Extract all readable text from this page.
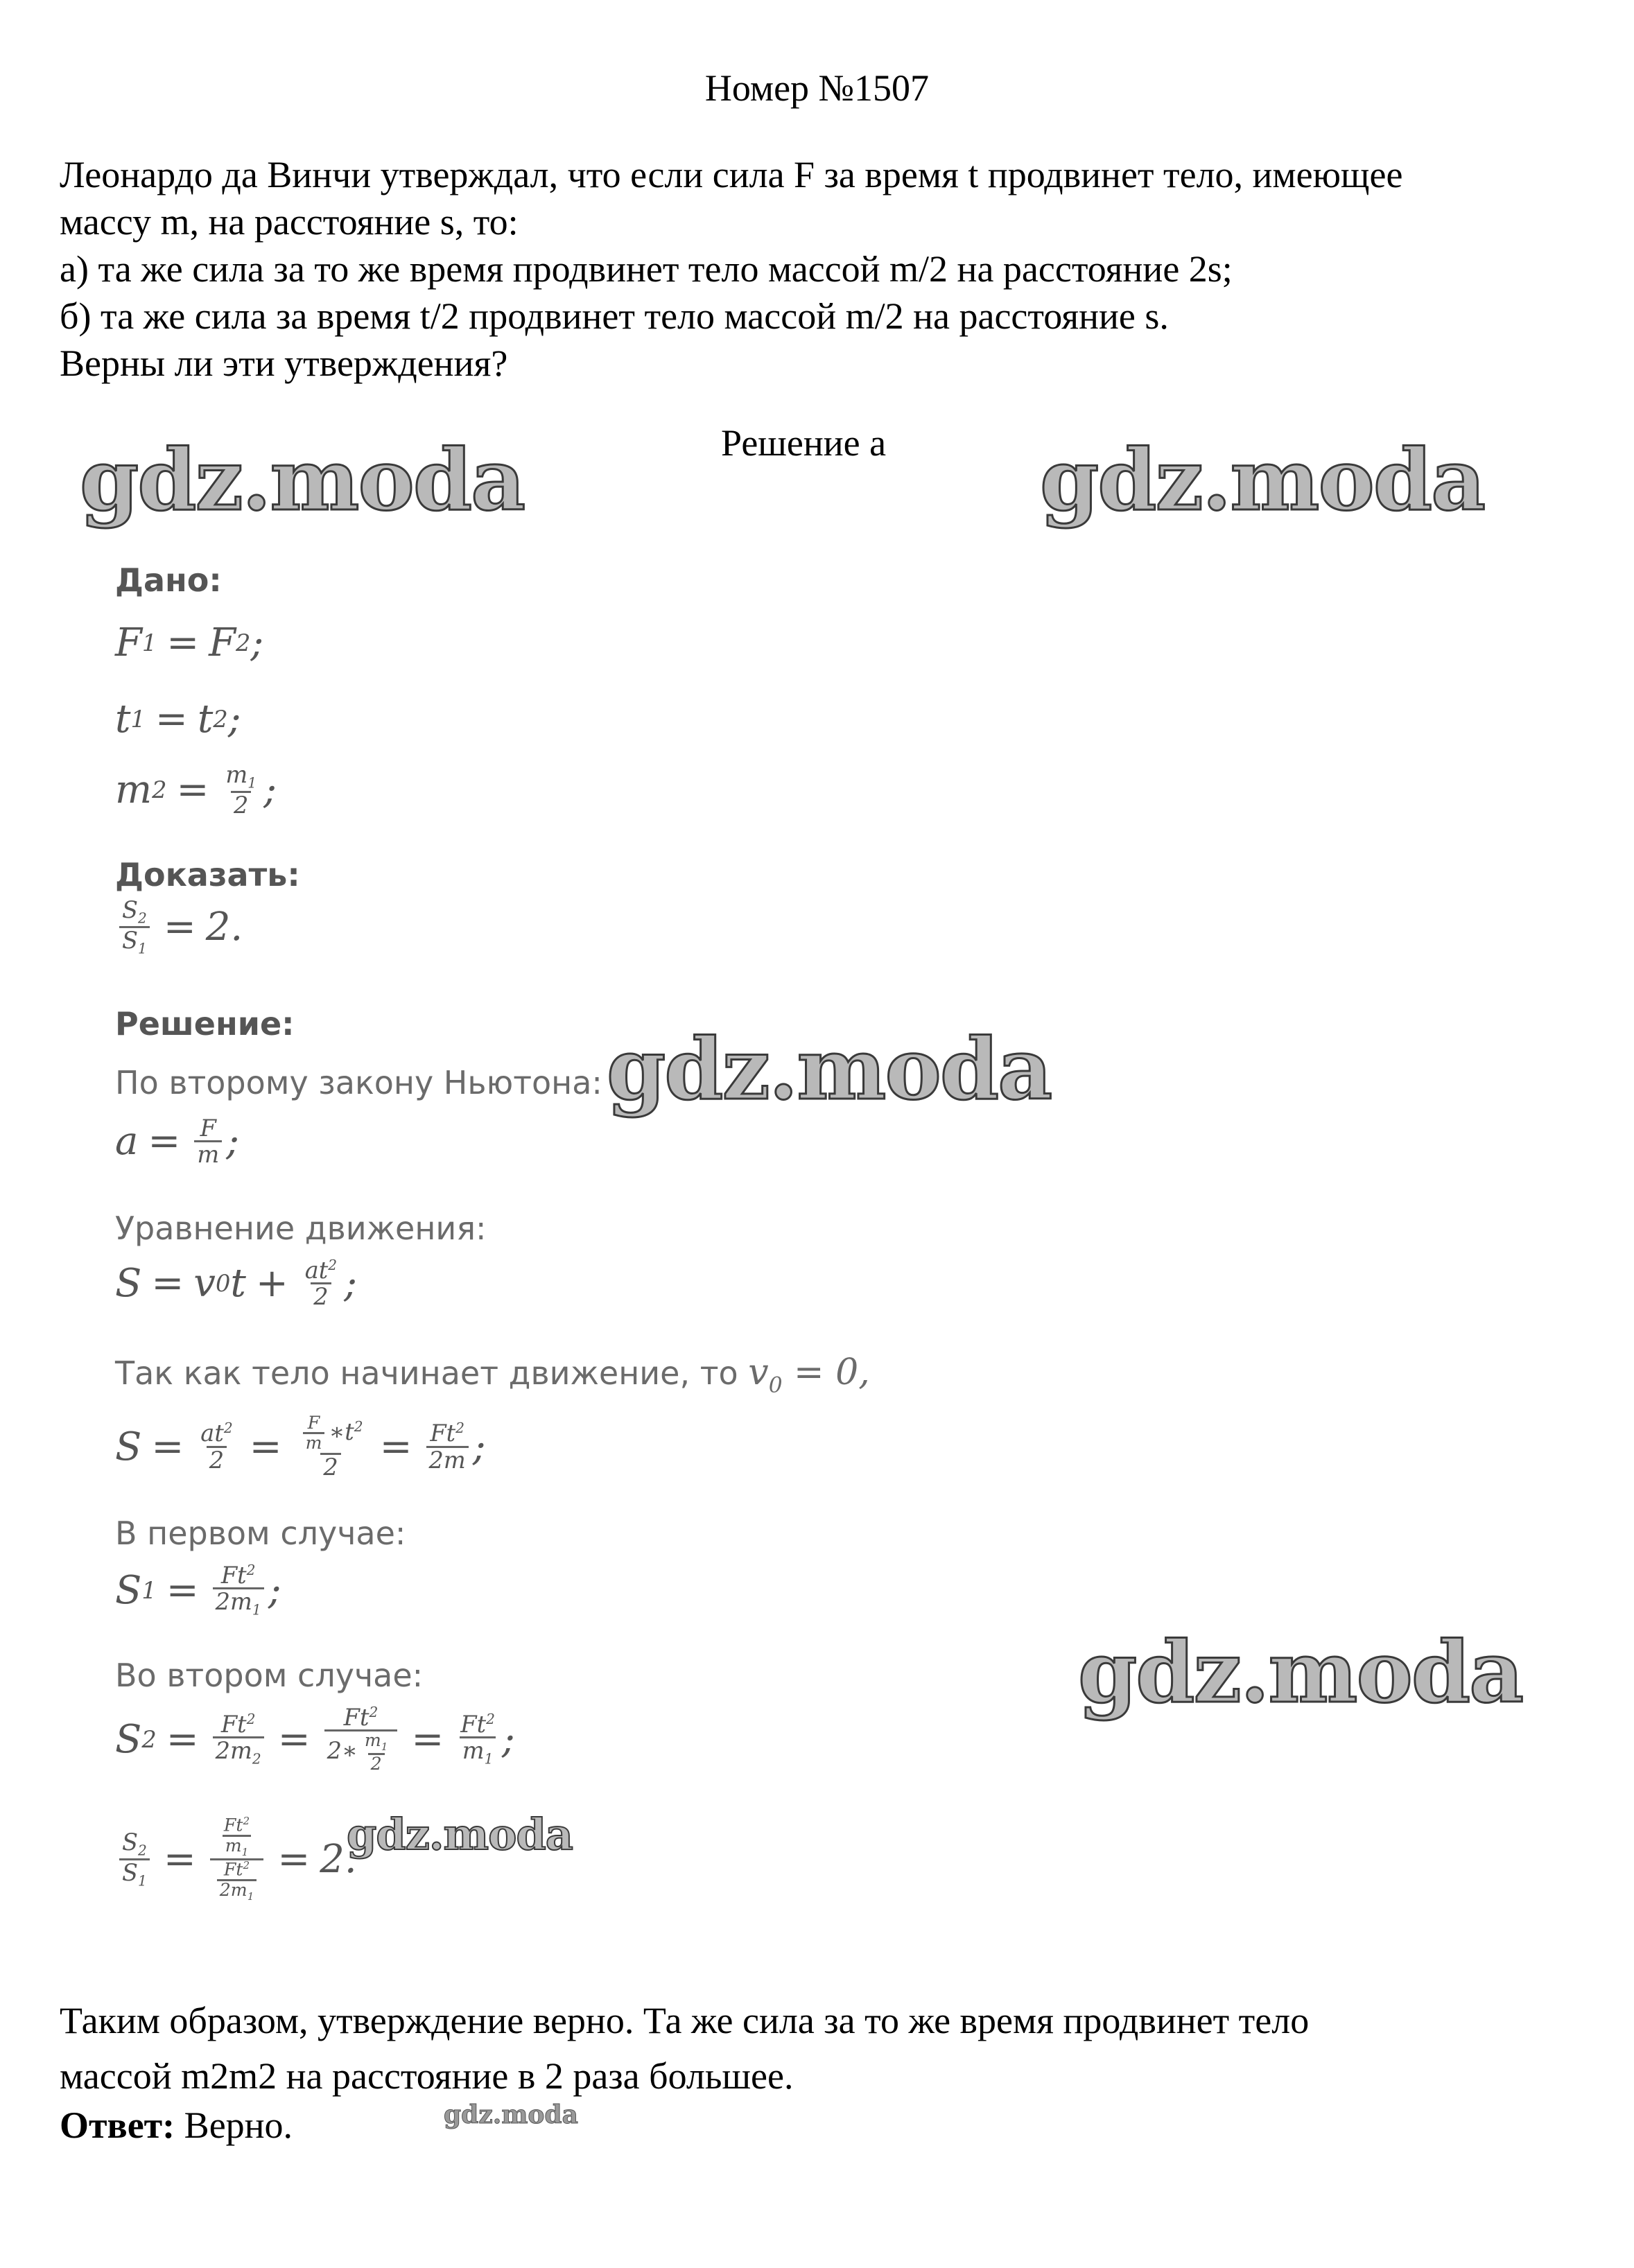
Номер №1507
Леонардо да Винчи утверждал, что если сила F за время t продвинет тело, имеющее
массу m, на расстояние s, то:
а) та же сила за то же время продвинет тело массой m/2 на расстояние 2s;
б) та же сила за время t/2 продвинет тело массой m/2 на расстояние s.
Верны ли эти утверждения?
Решение а
gdz.moda	gdz.moda
gdz.moda
gdz.moda
gdz.moda
gdz.moda
Дано:
F 1 = F 2 ;
t 1 = t 2 ;
m $2 = \frac{m_1}{2}$ ;
Доказать:
$\frac{S_2}{S_1} = 2$.
Решение:
По второму закону Ньютона:
$a = \frac{F}{m}$ ;
Уравнение движения:
S = v 0 $t + \frac{at^2}{2}$ ;
Так как тело начинает движение, то $v_0 = 0$,
$S = \frac{at^2}{2} = \frac{\frac{F}{m} ∗t^2}{2} = \frac{Ft^2}{2m}$ ;
В первом случае:
S $1 = \frac{Ft^2}{2m_1}$ ;
Во втором случае:
S $2 = \frac{Ft^2}{2m_2} = \frac{Ft^2}{2∗ \frac{m_1}{2}} = \frac{Ft^2}{m_1}$ ;
$\frac{S_2}{S_1} = \frac{\frac{Ft^2}{m_1}}{\frac{Ft^2}{2m_1}} = 2$.
Таким образом, утверждение верно. Та же сила за то же время продвинет тело
массой m2m2 на расстояние в 2 раза большее.
Ответ: Верно.
